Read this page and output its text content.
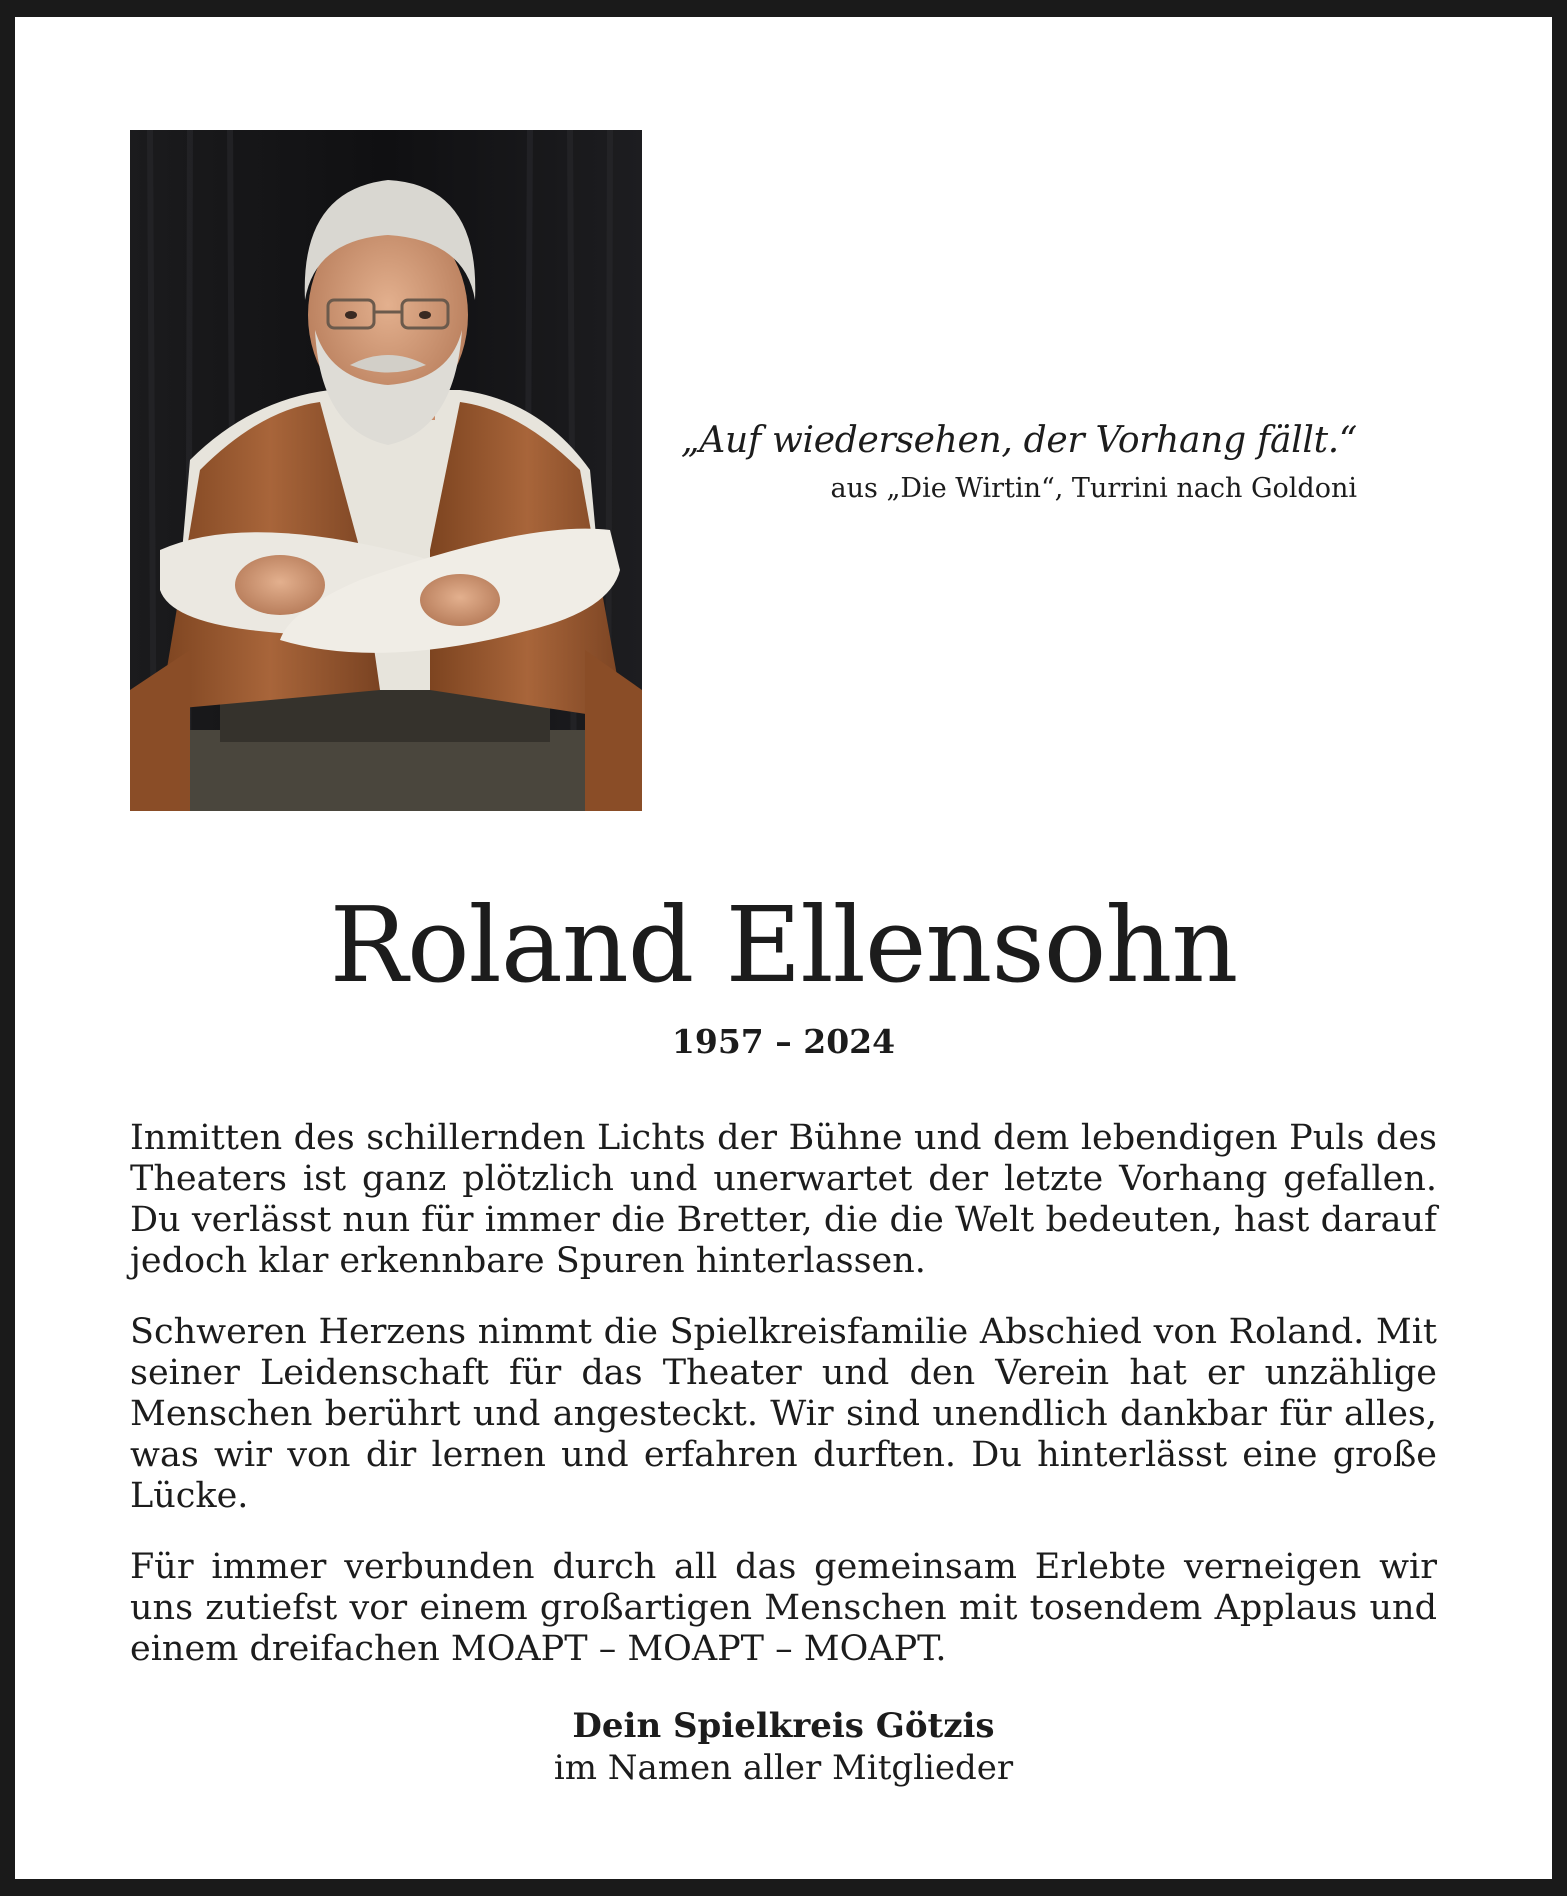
„Auf wiedersehen, der Vorhang fällt.“
aus „Die Wirtin“, Turrini nach Goldoni
Roland Ellensohn
1957 – 2024

Inmitten des schillernden Lichts der Bühne und dem lebendigen Puls des Theaters ist ganz plötzlich und unerwartet der letzte Vorhang gefallen. Du verlässt nun für immer die Bretter, die die Welt bedeuten, hast darauf jedoch klar erkennbare Spuren hinterlassen.

Schweren Herzens nimmt die Spielkreisfamilie Abschied von Roland. Mit seiner Leidenschaft für das Theater und den Verein hat er unzählige Menschen berührt und angesteckt. Wir sind unendlich dankbar für alles, was wir von dir lernen und erfahren durften. Du hinterlässt eine große Lücke.

Für immer verbunden durch all das gemeinsam Erlebte verneigen wir uns zutiefst vor einem großartigen Menschen mit tosendem Applaus und einem dreifachen MOAPT – MOAPT – MOAPT.

Dein Spielkreis Götzis
im Namen aller Mitglieder
